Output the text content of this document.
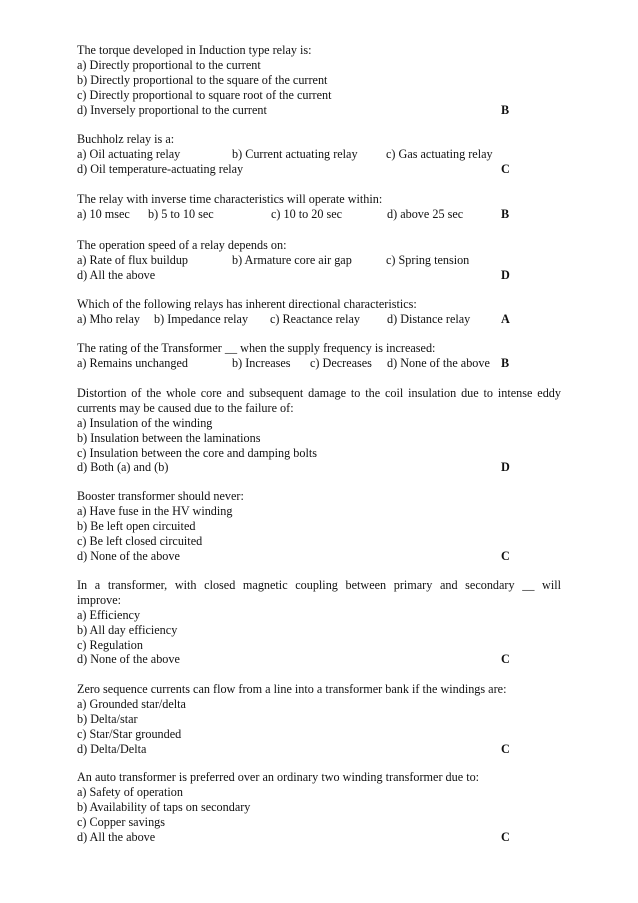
The torque developed in Induction type relay is:
a) Directly proportional to the current
b) Directly proportional to the square of the current
c) Directly proportional to square root of the current
d) Inversely proportional to the current	B
Buchholz relay is a:
a) Oil actuating relay	b) Current actuating relay c) Gas actuating relay
d) Oil temperature-actuating relay	C
The relay with inverse time characteristics will operate within:
a) 10 msec b) 5 to 10 sec	c) 10 to 20 sec	d) above 25 sec	B
The operation speed of a relay depends on:
a) Rate of flux buildup	b) Armature core air gap	c) Spring tension
d) All the above	D
Which of the following relays has inherent directional characteristics:
a) Mho relay b) Impedance relay c) Reactance relay d) Distance relay	A
The rating of the Transformer __ when the supply frequency is increased:
a) Remains unchanged	b) Increases c) Decreases d) None of the above B
Distortion of the whole core and subsequent damage to the coil insulation due to intense eddy
currents may be caused due to the failure of:
a) Insulation of the winding
b) Insulation between the laminations
c) Insulation between the core and damping bolts
d) Both (a) and (b)	D
Booster transformer should never:
a) Have fuse in the HV winding
b) Be left open circuited
c) Be left closed circuited
d) None of the above	C
In a transformer, with closed magnetic coupling between primary and secondary __ will
improve:
a) Efficiency
b) All day efficiency
c) Regulation
d) None of the above	C
Zero sequence currents can flow from a line into a transformer bank if the windings are:
a) Grounded star/delta
b) Delta/star
c) Star/Star grounded
d) Delta/Delta	C
An auto transformer is preferred over an ordinary two winding transformer due to:
a) Safety of operation
b) Availability of taps on secondary
c) Copper savings
d) All the above	C
